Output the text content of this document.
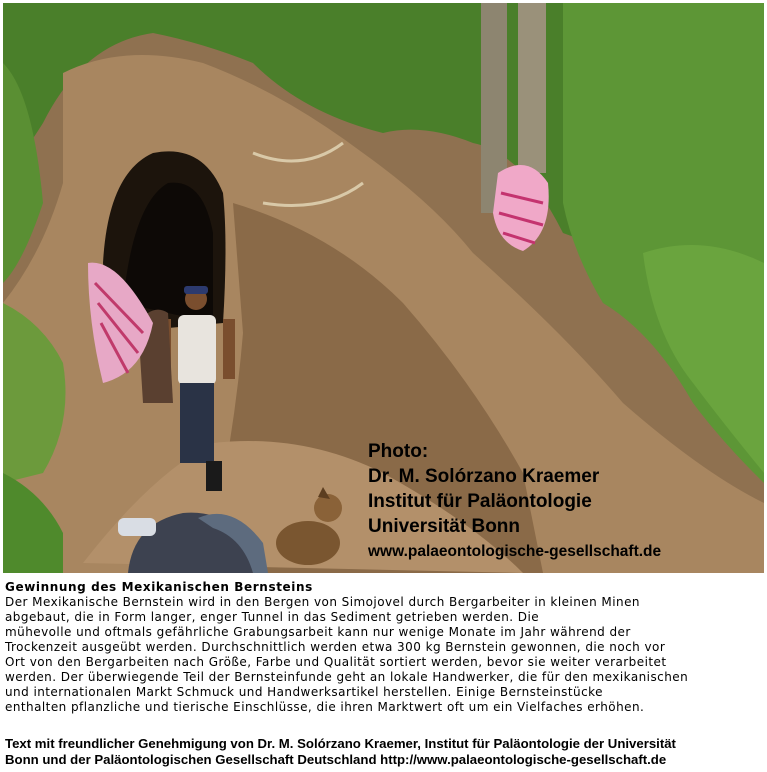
Photo:
Dr. M. Solórzano Kraemer
Institut für Paläontologie
Universität Bonn
www.palaeontologische-gesellschaft.de
Gewinnung des Mexikanischen Bernsteins
Der Mexikanische Bernstein wird in den Bergen von Simojovel durch Bergarbeiter in kleinen Minen
abgebaut, die in Form langer, enger Tunnel in das Sediment getrieben werden. Die
mühevolle und oftmals gefährliche Grabungsarbeit kann nur wenige Monate im Jahr während der
Trockenzeit ausgeübt werden. Durchschnittlich werden etwa 300 kg Bernstein gewonnen, die noch vor
Ort von den Bergarbeiten nach Größe, Farbe und Qualität sortiert werden, bevor sie weiter verarbeitet
werden. Der überwiegende Teil der Bernsteinfunde geht an lokale Handwerker, die für den mexikanischen
und internationalen Markt Schmuck und Handwerksartikel herstellen. Einige Bernsteinstücke
enthalten pflanzliche und tierische Einschlüsse, die ihren Marktwert oft um ein Vielfaches erhöhen.
Text mit freundlicher Genehmigung von Dr. M. Solórzano Kraemer, Institut für Paläontologie der Universität
Bonn und der Paläontologischen Gesellschaft Deutschland http://www.palaeontologische-gesellschaft.de
